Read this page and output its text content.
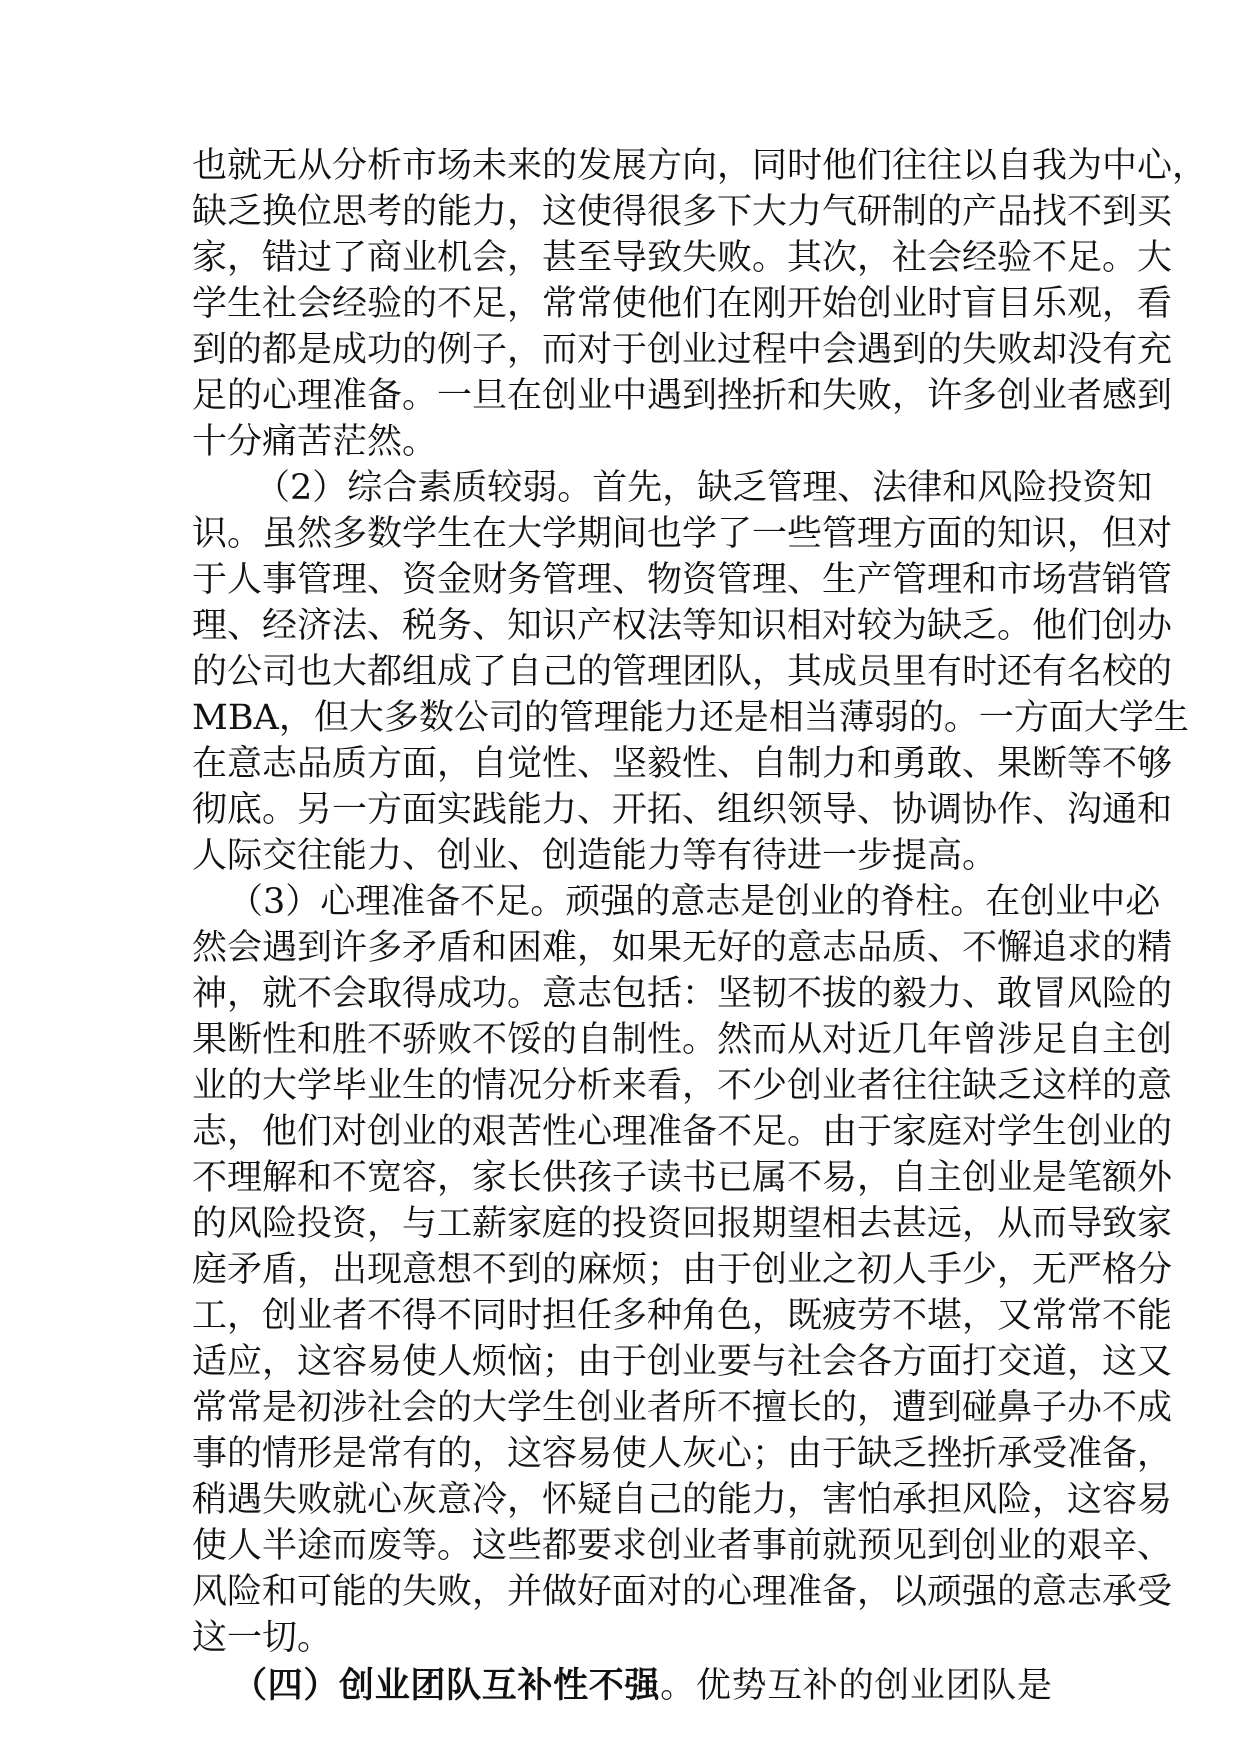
也就无从分析市场未来的发展方向，同时他们往往以自我为中心，
缺乏换位思考的能力，这使得很多下大力气研制的产品找不到买
家，错过了商业机会，甚至导致失败。其次，社会经验不足。大
学生社会经验的不足，常常使他们在刚开始创业时盲目乐观，看
到的都是成功的例子，而对于创业过程中会遇到的失败却没有充
足的心理准备。一旦在创业中遇到挫折和失败，许多创业者感到
十分痛苦茫然。
（2）综合素质较弱。首先，缺乏管理、法律和风险投资知
识。虽然多数学生在大学期间也学了一些管理方面的知识，但对
于人事管理、资金财务管理、物资管理、生产管理和市场营销管
理、经济法、税务、知识产权法等知识相对较为缺乏。他们创办
的公司也大都组成了自己的管理团队，其成员里有时还有名校的
MBA，但大多数公司的管理能力还是相当薄弱的。一方面大学生
在意志品质方面，自觉性、坚毅性、自制力和勇敢、果断等不够
彻底。另一方面实践能力、开拓、组织领导、协调协作、沟通和
人际交往能力、创业、创造能力等有待进一步提高。
（3）心理准备不足。顽强的意志是创业的脊柱。在创业中必
然会遇到许多矛盾和困难，如果无好的意志品质、不懈追求的精
神，就不会取得成功。意志包括：坚韧不拔的毅力、敢冒风险的
果断性和胜不骄败不馁的自制性。然而从对近几年曾涉足自主创
业的大学毕业生的情况分析来看，不少创业者往往缺乏这样的意
志，他们对创业的艰苦性心理准备不足。由于家庭对学生创业的
不理解和不宽容，家长供孩子读书已属不易，自主创业是笔额外
的风险投资，与工薪家庭的投资回报期望相去甚远，从而导致家
庭矛盾，出现意想不到的麻烦；由于创业之初人手少，无严格分
工，创业者不得不同时担任多种角色，既疲劳不堪，又常常不能
适应，这容易使人烦恼；由于创业要与社会各方面打交道，这又
常常是初涉社会的大学生创业者所不擅长的，遭到碰鼻子办不成
事的情形是常有的，这容易使人灰心；由于缺乏挫折承受准备，
稍遇失败就心灰意冷，怀疑自己的能力，害怕承担风险，这容易
使人半途而废等。这些都要求创业者事前就预见到创业的艰辛、
风险和可能的失败，并做好面对的心理准备，以顽强的意志承受
这一切。
（四）创业团队互补性不强。优势互补的创业团队是
